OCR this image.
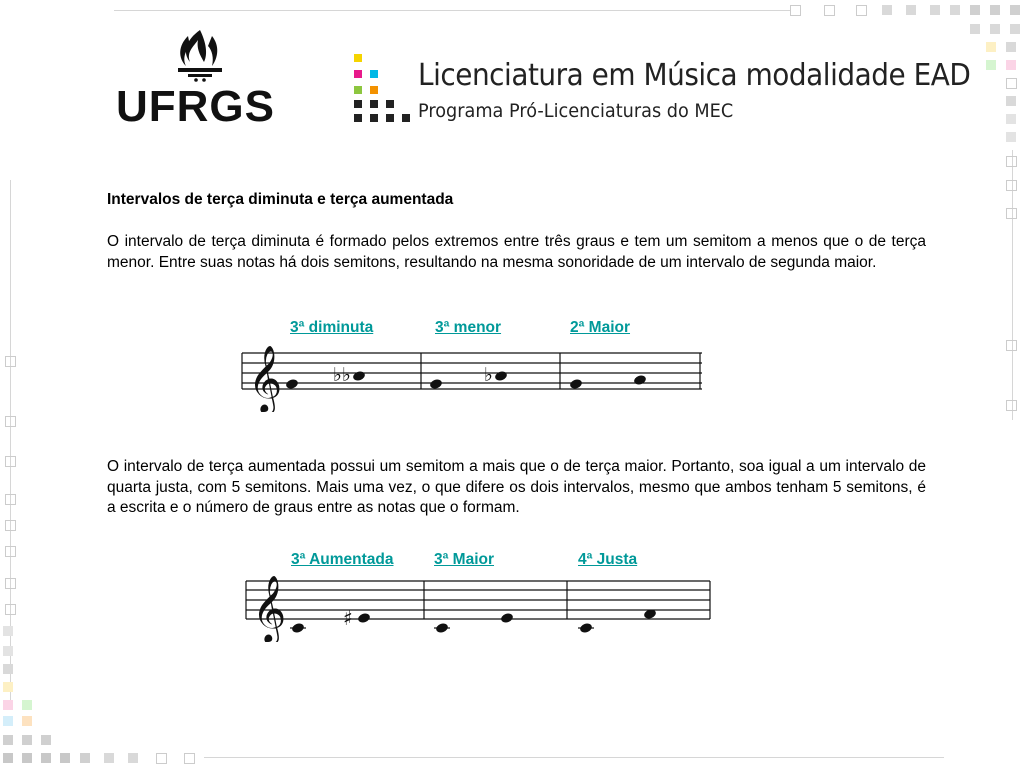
UFRGS
Licenciatura em Música modalidade EAD
Programa Pró-Licenciaturas do MEC
Intervalos de terça diminuta e terça aumentada
O intervalo de terça diminuta é formado pelos extremos entre três graus e tem um semitom a menos que o de terça menor. Entre suas notas há dois semitons, resultando na mesma sonoridade de um intervalo de segunda maior.
3ª diminuta	3ª menor	2ª Maior
𝄞	♭♭	♭
O intervalo de terça aumentada possui um semitom a mais que o de terça maior. Portanto, soa igual a um intervalo de quarta justa, com 5 semitons. Mais uma vez, o que difere os dois intervalos, mesmo que ambos tenham 5 semitons, é a escrita e o número de graus entre as notas que o formam.
3ª Aumentada	3ª Maior	4ª Justa
𝄞	♯
